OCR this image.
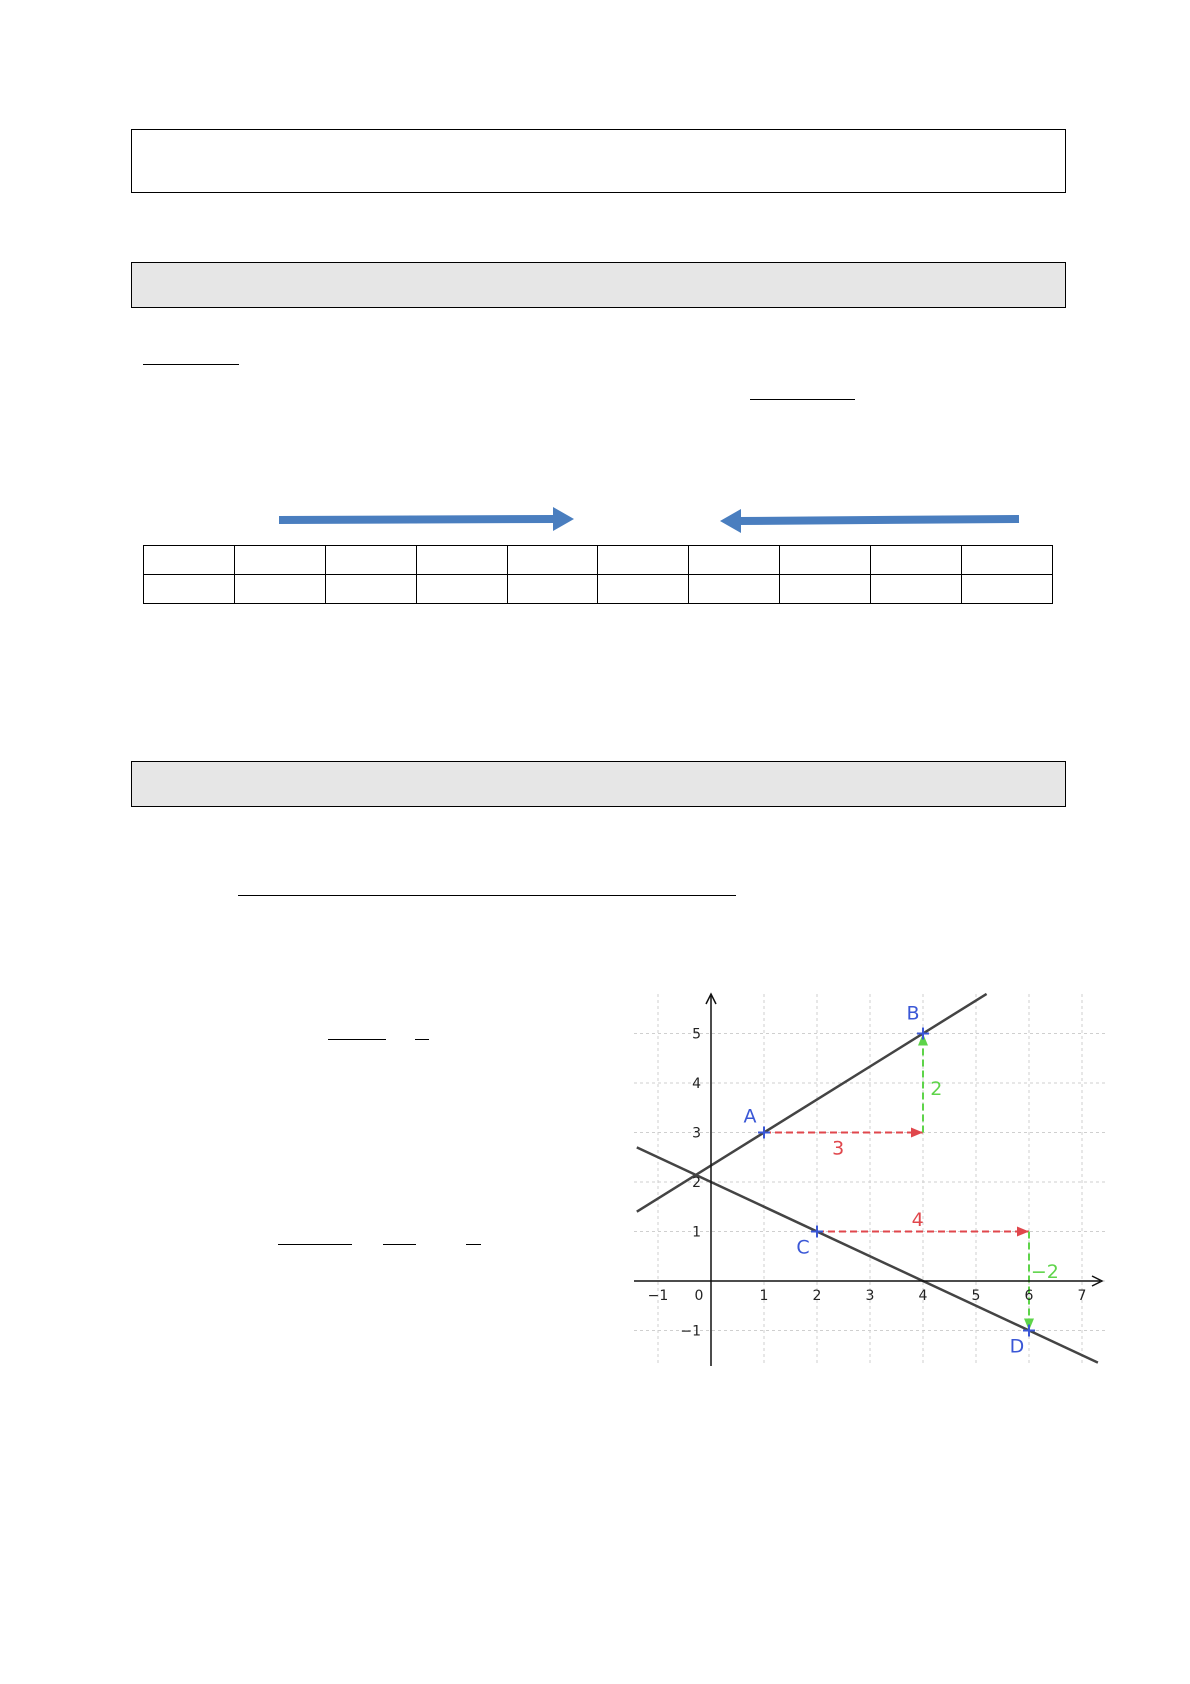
3
2
4
−2
−1 0	1	2	3	4	5	6	7
−1
1
2
3
4
5
A
B
C
D
